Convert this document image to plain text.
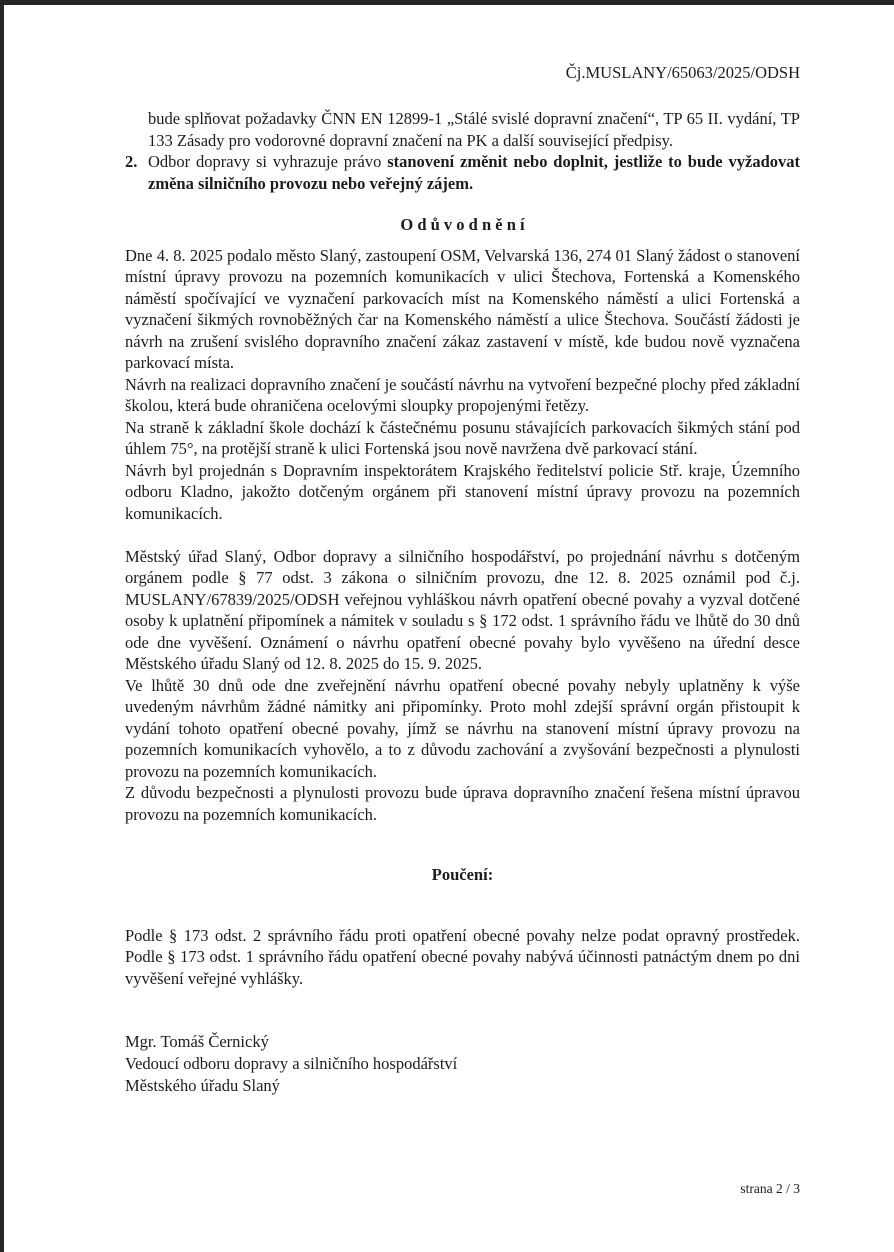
Čj.MUSLANY/65063/2025/ODSH
bude splňovat požadavky ČNN EN 12899-1 „Stálé svislé dopravní značení“, TP 65 II. vydání, TP 133 Zásady pro vodorovné dopravní značení na PK a další související předpisy.
2. Odbor dopravy si vyhrazuje právo stanovení změnit nebo doplnit, jestliže to bude vyžadovat změna silničního provozu nebo veřejný zájem.
O d ů v o d n ě n í

Dne 4. 8. 2025 podalo město Slaný, zastoupení OSM, Velvarská 136, 274 01 Slaný žádost o stanovení místní úpravy provozu na pozemních komunikacích v ulici Štechova, Fortenská a Komenského náměstí spočívající ve vyznačení parkovacích míst na Komenského náměstí a ulici Fortenská a vyznačení šikmých rovnoběžných čar na Komenského náměstí a ulice Štechova. Součástí žádosti je návrh na zrušení svislého dopravního značení zákaz zastavení v místě, kde budou nově vyznačena parkovací místa.

Návrh na realizaci dopravního značení je součástí návrhu na vytvoření bezpečné plochy před základní školou, která bude ohraničena ocelovými sloupky propojenými řetězy.

Na straně k základní škole dochází k částečnému posunu stávajících parkovacích šikmých stání pod úhlem 75°, na protější straně k ulici Fortenská jsou nově navržena dvě parkovací stání.

Návrh byl projednán s Dopravním inspektorátem Krajského ředitelství policie Stř. kraje, Územního odboru Kladno, jakožto dotčeným orgánem při stanovení místní úpravy provozu na pozemních komunikacích.

Městský úřad Slaný, Odbor dopravy a silničního hospodářství, po projednání návrhu s dotčeným orgánem podle § 77 odst. 3 zákona o silničním provozu, dne 12. 8. 2025 oznámil pod č.j. MUSLANY/67839/2025/ODSH veřejnou vyhláškou návrh opatření obecné povahy a vyzval dotčené osoby k uplatnění připomínek a námitek v souladu s § 172 odst. 1 správního řádu ve lhůtě do 30 dnů ode dne vyvěšení. Oznámení o návrhu opatření obecné povahy bylo vyvěšeno na úřední desce Městského úřadu Slaný od 12. 8. 2025 do 15. 9. 2025.

Ve lhůtě 30 dnů ode dne zveřejnění návrhu opatření obecné povahy nebyly uplatněny k výše uvedeným návrhům žádné námitky ani připomínky. Proto mohl zdejší správní orgán přistoupit k vydání tohoto opatření obecné povahy, jímž se návrhu na stanovení místní úpravy provozu na pozemních komunikacích vyhovělo, a to z důvodu zachování a zvyšování bezpečnosti a plynulosti provozu na pozemních komunikacích.

Z důvodu bezpečnosti a plynulosti provozu bude úprava dopravního značení řešena místní úpravou provozu na pozemních komunikacích.

Poučení:

Podle § 173 odst. 2 správního řádu proti opatření obecné povahy nelze podat opravný prostředek. Podle § 173 odst. 1 správního řádu opatření obecné povahy nabývá účinnosti patnáctým dnem po dni vyvěšení veřejné vyhlášky.

Mgr. Tomáš Černický
Vedoucí odboru dopravy a silničního hospodářství
Městského úřadu Slaný
strana 2 / 3
